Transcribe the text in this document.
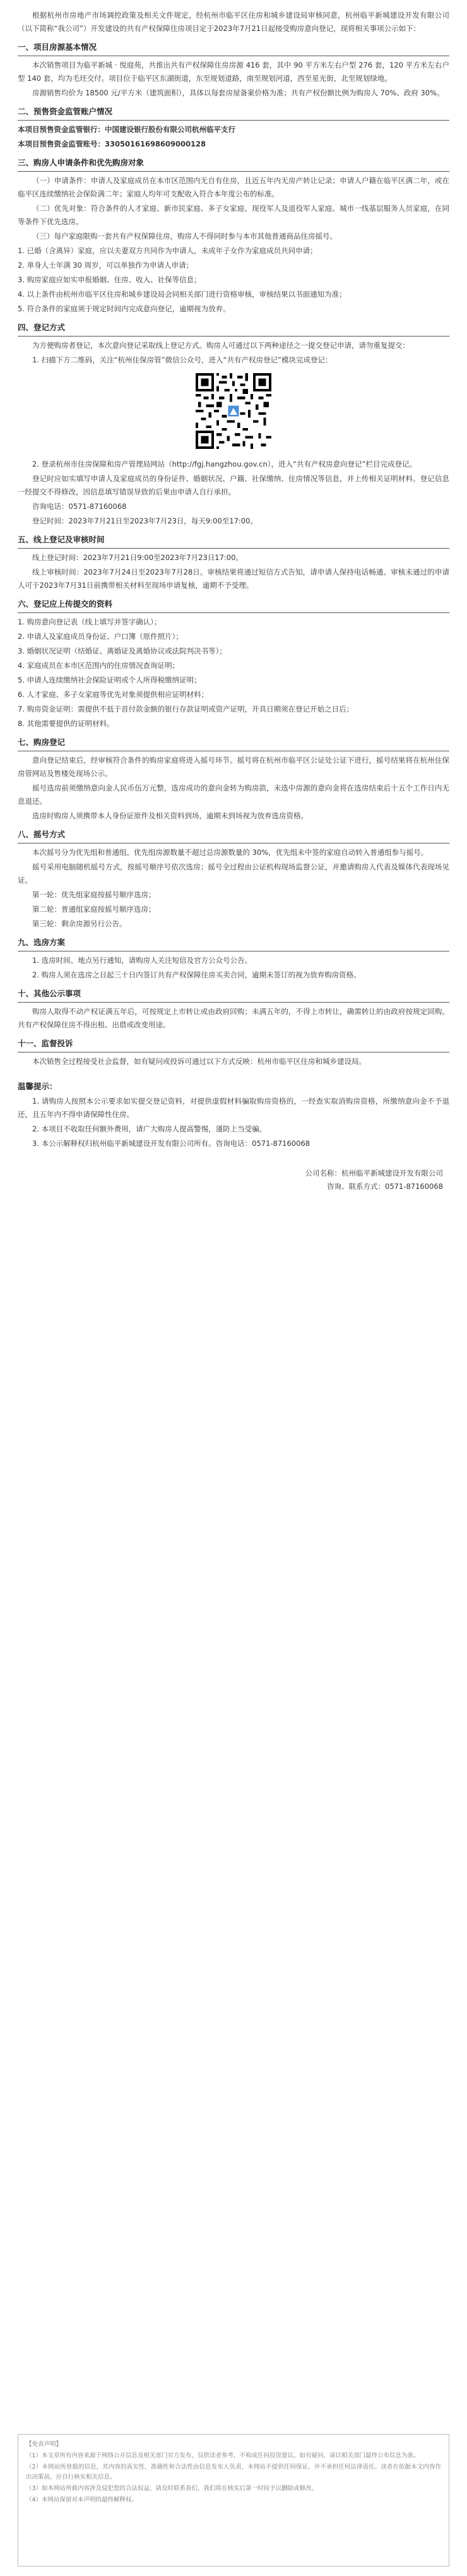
根据杭州市房地产市场调控政策及相关文件规定，经杭州市临平区住房和城乡建设局审核同意，杭州临平新城建设开发有限公司（以下简称“我公司”）开发建设的共有产权保障住房项目定于2023年7月21日起接受购房意向登记，现将相关事项公示如下：

一、项目房源基本情况

本次销售项目为临平新城 · 悦庭苑，共推出共有产权保障住房房源 416 套，其中 90 平方米左右户型 276 套，120 平方米左右户型 140 套，均为毛坯交付。项目位于临平区东湖街道，东至规划道路，南至规划河道，西至星光街，北至规划绿地。

房源销售均价为 18500 元/平方米（建筑面积），具体以每套房屋备案价格为准；共有产权份额比例为购房人 70%、政府 30%。

二、预售资金监管账户情况

本项目预售资金监管银行：中国建设银行股份有限公司杭州临平支行

本项目预售资金监管账号：33050161698609000128

三、购房人申请条件和优先购房对象

（一）申请条件：申请人及家庭成员在本市区范围内无自有住房，且近五年内无房产转让记录；申请人户籍在临平区满二年，或在临平区连续缴纳社会保险满二年；家庭人均年可支配收入符合本年度公布的标准。

（二）优先对象：符合条件的人才家庭、新市民家庭、多子女家庭、现役军人及退役军人家庭、城市一线基层服务人员家庭，在同等条件下优先选房。

（三）每户家庭限购一套共有产权保障住房，购房人不得同时参与本市其他普通商品住房摇号。

1. 已婚（含离异）家庭，应以夫妻双方共同作为申请人，未成年子女作为家庭成员共同申请；

2. 单身人士年满 30 周岁，可以单独作为申请人申请；

3. 购房家庭应如实申报婚姻、住房、收入、社保等信息；

4. 以上条件由杭州市临平区住房和城乡建设局会同相关部门进行资格审核，审核结果以书面通知为准；

5. 符合条件的家庭须于规定时间内完成意向登记，逾期视为放弃。

四、登记方式

为方便购房者登记，本次意向登记采取线上登记方式。购房人可通过以下两种途径之一提交登记申请，请勿重复提交：

1. 扫描下方二维码，关注“杭州住保房管”微信公众号，进入“共有产权房登记”模块完成登记：

2. 登录杭州市住房保障和房产管理局网站（http://fgj.hangzhou.gov.cn），进入“共有产权房意向登记”栏目完成登记。

登记时应如实填写申请人及家庭成员的身份证件、婚姻状况、户籍、社保缴纳、住房情况等信息，并上传相关证明材料。登记信息一经提交不得修改，因信息填写错误导致的后果由申请人自行承担。

咨询电话：0571-87160068

登记时间：2023年7月21日至2023年7月23日，每天9:00至17:00。

五、线上登记及审核时间

线上登记时间：2023年7月21日9:00至2023年7月23日17:00。

线上审核时间：2023年7月24日至2023年7月28日。审核结果将通过短信方式告知，请申请人保持电话畅通。审核未通过的申请人可于2023年7月31日前携带相关材料至现场申请复核，逾期不予受理。

六、登记应上传提交的资料

1. 购房意向登记表（线上填写并签字确认）；

2. 申请人及家庭成员身份证、户口簿（原件照片）；

3. 婚姻状况证明（结婚证、离婚证及离婚协议或法院判决书等）；

4. 家庭成员在本市区范围内的住房情况查询证明；

5. 申请人连续缴纳社会保险证明或个人所得税缴纳证明；

6. 人才家庭、多子女家庭等优先对象须提供相应证明材料；

7. 购房资金证明：需提供不低于首付款金额的银行存款证明或资产证明，开具日期须在登记开始之日后；

8. 其他需要提供的证明材料。

七、购房登记

意向登记结束后，经审核符合条件的购房家庭将进入摇号环节。摇号将在杭州市临平区公证处公证下进行，摇号结果将在杭州住保房管网站及售楼处现场公示。

摇号选房前须缴纳意向金人民币伍万元整，选房成功的意向金转为购房款，未选中房源的意向金将在选房结束后十五个工作日内无息退还。

选房时购房人须携带本人身份证原件及相关资料到场，逾期未到场视为放弃选房资格。

八、摇号方式

本次摇号分为优先组和普通组。优先组房源数量不超过总房源数量的 30%，优先组未中签的家庭自动转入普通组参与摇号。

摇号采用电脑随机摇号方式，按摇号顺序号依次选房；摇号全过程由公证机构现场监督公证，并邀请购房人代表及媒体代表现场见证。

第一轮：优先组家庭按摇号顺序选房；

第二轮：普通组家庭按摇号顺序选房；

第三轮：剩余房源另行公告。

九、选房方案

1. 选房时间、地点另行通知，请购房人关注短信及官方公众号公告。

2. 购房人须在选房之日起三十日内签订共有产权保障住房买卖合同，逾期未签订的视为放弃购房资格。

十、其他公示事项

购房人取得不动产权证满五年后，可按规定上市转让或由政府回购；未满五年的，不得上市转让，确需转让的由政府按规定回购。共有产权保障住房不得出租、出借或改变用途。

十一、监督投诉

本次销售全过程接受社会监督，如有疑问或投诉可通过以下方式反映：杭州市临平区住房和城乡建设局。

温馨提示：

1. 请购房人按照本公示要求如实提交登记资料，对提供虚假材料骗取购房资格的，一经查实取消购房资格，所缴纳意向金不予退还，且五年内不得申请保障性住房。

2. 本项目不收取任何额外费用，请广大购房人提高警惕，谨防上当受骗。

3. 本公示解释权归杭州临平新城建设开发有限公司所有。咨询电话：0571-87160068

公司名称：杭州临平新城建设开发有限公司

咨询、联系方式：0571-87160068

【免责声明】

（1）本文章所有内容来源于网络公开信息及相关部门官方发布，仅供读者参考，不构成任何投资建议。如有疑问，请以相关部门最终公布信息为准。

（2）本网站所登载的信息，其内容的真实性、准确性和合法性由信息发布人负责，本网站不提供任何保证，并不承担任何法律责任。读者在依据本文内容作出决策前，应自行核实相关信息。

（3）如本网站所载内容涉及侵犯您的合法权益，请及时联系我们，我们将在核实后第一时间予以删除或修改。

（4）本网站保留对本声明的最终解释权。
